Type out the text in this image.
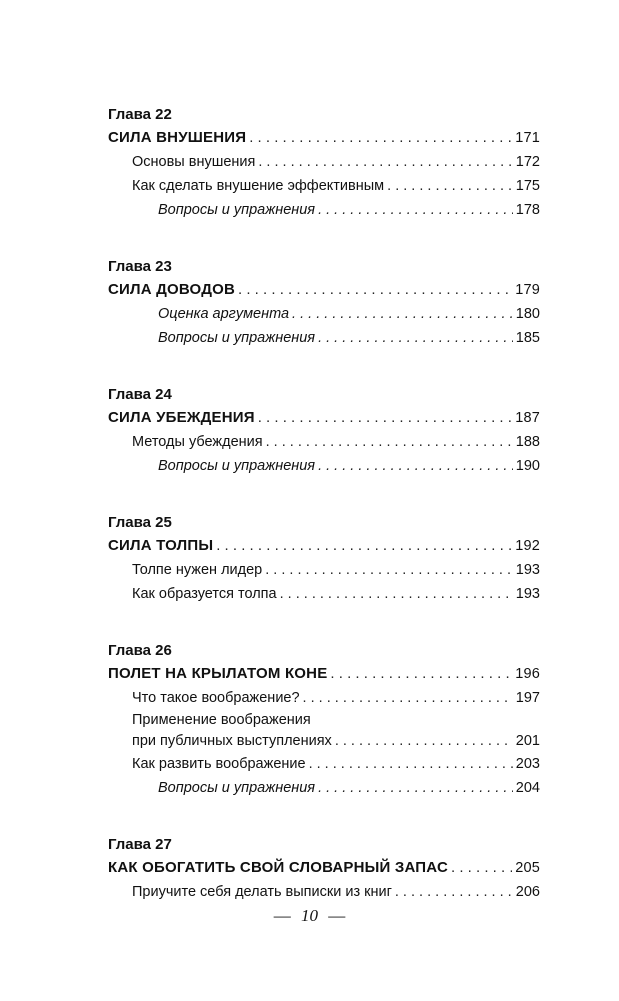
Глава 22
СИЛА ВНУШЕНИЯ . . .	171
Основы внушения . . .	172
Как сделать внушение эффективным . . .	175
Вопросы и упражнения . . .	178
Глава 23
СИЛА ДОВОДОВ . . .	179
Оценка аргумента . . .	180
Вопросы и упражнения . . .	185
Глава 24
СИЛА УБЕЖДЕНИЯ . . .	187
Методы убеждения . . .	188
Вопросы и упражнения . . .	190
Глава 25
СИЛА ТОЛПЫ . . .	192
Толпе нужен лидер . . .	193
Как образуется толпа . . .	193
Глава 26
ПОЛЕТ НА КРЫЛАТОМ КОНЕ . . .	196
Что такое воображение? . . .	197
Применение воображения
при публичных выступлениях . . .	201
Как развить воображение . . .	203
Вопросы и упражнения . . .	204
Глава 27
КАК ОБОГАТИТЬ СВОЙ СЛОВАРНЫЙ ЗАПАС . . .	205
Приучите себя делать выписки из книг . . .	206
— 10 —
